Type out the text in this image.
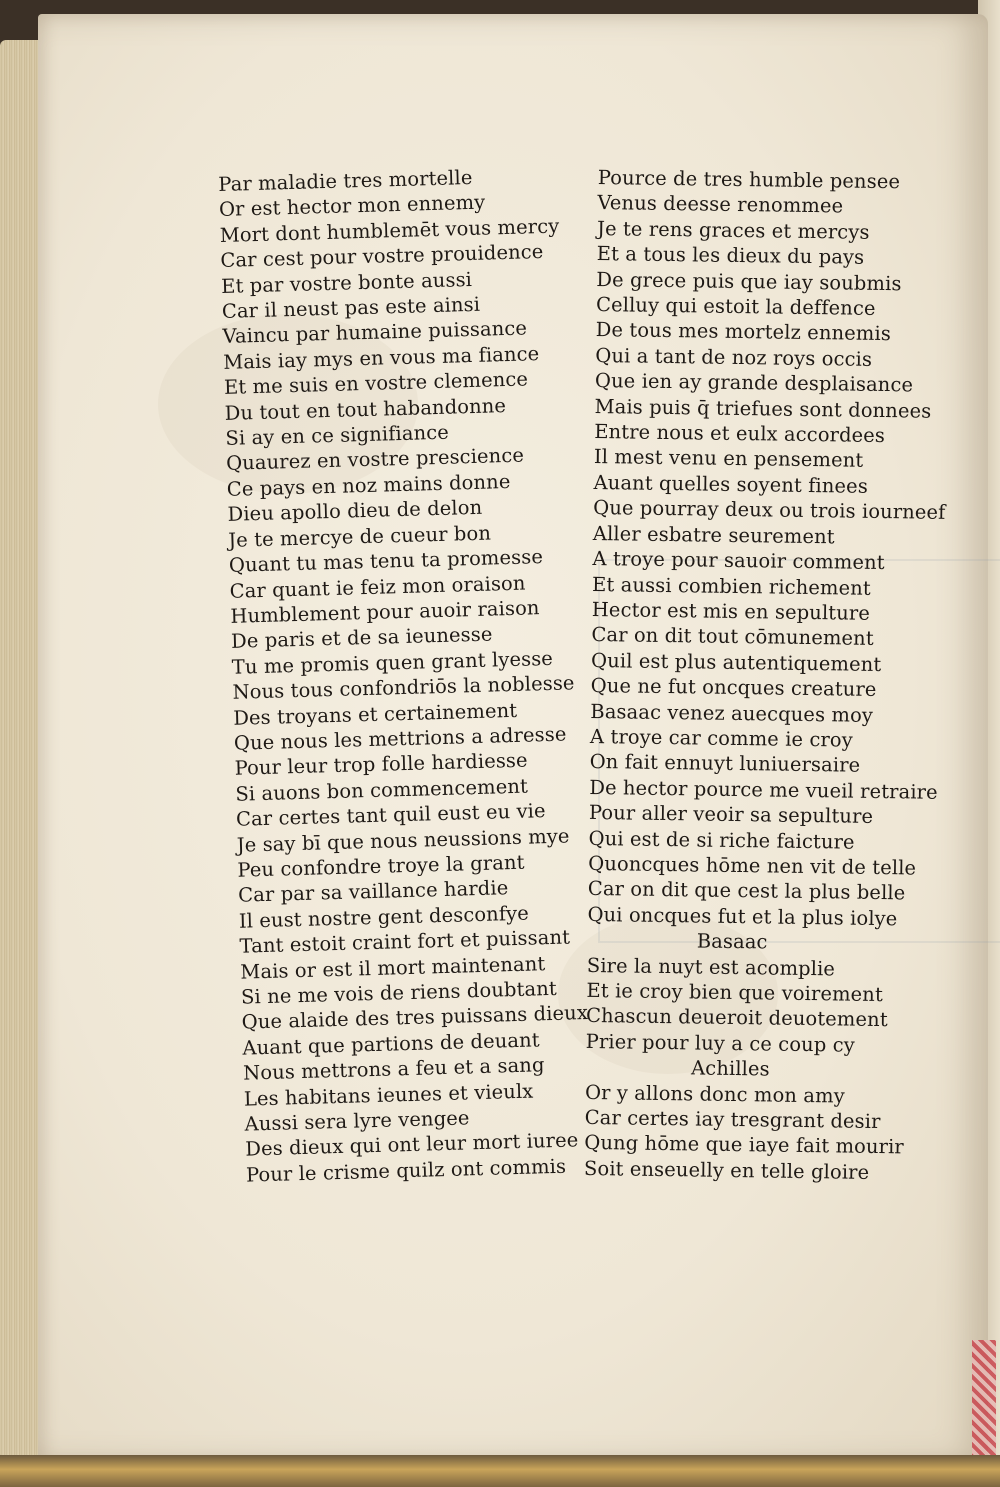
Par maladie tres mortelle
Or est hector mon ennemy
Mort dont humblemēt vous mercy
Car cest pour vostre prouidence
Et par vostre bonte aussi
Car il neust pas este ainsi
Vaincu par humaine puissance
Mais iay mys en vous ma fiance
Et me suis en vostre clemence
Du tout en tout habandonne
Si ay en ce signifiance
Quaurez en vostre prescience
Ce pays en noz mains donne
Dieu apollo dieu de delon
Je te mercye de cueur bon
Quant tu mas tenu ta promesse
Car quant ie feiz mon oraison
Humblement pour auoir raison
De paris et de sa ieunesse
Tu me promis quen grant lyesse
Nous tous confondriōs la noblesse
Des troyans et certainement
Que nous les mettrions a adresse
Pour leur trop folle hardiesse
Si auons bon commencement
Car certes tant quil eust eu vie
Je say bī que nous neussions mye
Peu confondre troye la grant
Car par sa vaillance hardie
Il eust nostre gent desconfye
Tant estoit craint fort et puissant
Mais or est il mort maintenant
Si ne me vois de riens doubtant
Que alaide des tres puissans dieux
Auant que partions de deuant
Nous mettrons a feu et a sang
Les habitans ieunes et vieulx
Aussi sera lyre vengee
Des dieux qui ont leur mort iuree
Pour le crisme quilz ont commis
Pource de tres humble pensee
Venus deesse renommee
Je te rens graces et mercys
Et a tous les dieux du pays
De grece puis que iay soubmis
Celluy qui estoit la deffence
De tous mes mortelz ennemis
Qui a tant de noz roys occis
Que ien ay grande desplaisance
Mais puis q̄ triefues sont donnees
Entre nous et eulx accordees
Il mest venu en pensement
Auant quelles soyent finees
Que pourray deux ou trois iourneef
Aller esbatre seurement
A troye pour sauoir comment
Et aussi combien richement
Hector est mis en sepulture
Car on dit tout cōmunement
Quil est plus autentiquement
Que ne fut oncques creature
Basaac venez auecques moy
A troye car comme ie croy
On fait ennuyt luniuersaire
De hector pource me vueil retraire
Pour aller veoir sa sepulture
Qui est de si riche faicture
Quoncques hōme nen vit de telle
Car on dit que cest la plus belle
Qui oncques fut et la plus iolye
Basaac
Sire la nuyt est acomplie
Et ie croy bien que voirement
Chascun deueroit deuotement
Prier pour luy a ce coup cy
Achilles
Or y allons donc mon amy
Car certes iay tresgrant desir
Qung hōme que iaye fait mourir
Soit enseuelly en telle gloire
